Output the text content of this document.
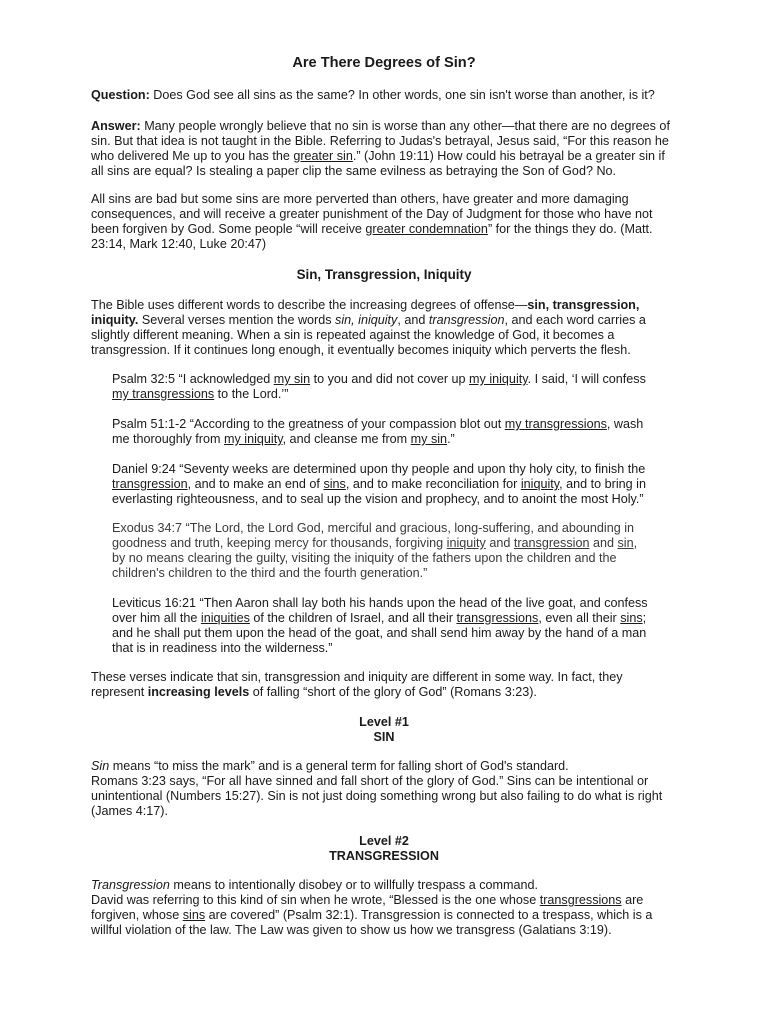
Are There Degrees of Sin?

Question: Does God see all sins as the same? In other words, one sin isn't worse than another, is it?

Answer: Many people wrongly believe that no sin is worse than any other—that there are no degrees of sin. But that idea is not taught in the Bible. Referring to Judas's betrayal, Jesus said, “For this reason he who delivered Me up to you has the greater sin.” (John 19:11) How could his betrayal be a greater sin if all sins are equal? Is stealing a paper clip the same evilness as betraying the Son of God? No.

All sins are bad but some sins are more perverted than others, have greater and more damaging consequences, and will receive a greater punishment of the Day of Judgment for those who have not been forgiven by God. Some people “will receive greater condemnation” for the things they do. (Matt. 23:14, Mark 12:40, Luke 20:47)

Sin, Transgression, Iniquity

The Bible uses different words to describe the increasing degrees of offense—sin, transgression, iniquity. Several verses mention the words sin, iniquity, and transgression, and each word carries a slightly different meaning. When a sin is repeated against the knowledge of God, it becomes a transgression. If it continues long enough, it eventually becomes iniquity which perverts the flesh.

Psalm 32:5 “I acknowledged my sin to you and did not cover up my iniquity. I said, ‘I will confess my transgressions to the Lord.’”

Psalm 51:1-2 “According to the greatness of your compassion blot out my transgressions, wash me thoroughly from my iniquity, and cleanse me from my sin.”

Daniel 9:24 “Seventy weeks are determined upon thy people and upon thy holy city, to finish the transgression, and to make an end of sins, and to make reconciliation for iniquity, and to bring in everlasting righteousness, and to seal up the vision and prophecy, and to anoint the most Holy.”

Exodus 34:7 “The Lord, the Lord God, merciful and gracious, long-suffering, and abounding in goodness and truth, keeping mercy for thousands, forgiving iniquity and transgression and sin, by no means clearing the guilty, visiting the iniquity of the fathers upon the children and the children's children to the third and the fourth generation.”

Leviticus 16:21 “Then Aaron shall lay both his hands upon the head of the live goat, and confess over him all the iniquities of the children of Israel, and all their transgressions, even all their sins; and he shall put them upon the head of the goat, and shall send him away by the hand of a man that is in readiness into the wilderness.”

These verses indicate that sin, transgression and iniquity are different in some way. In fact, they represent increasing levels of falling “short of the glory of God” (Romans 3:23).

Level #1
SIN

Sin means “to miss the mark” and is a general term for falling short of God's standard.
Romans 3:23 says, “For all have sinned and fall short of the glory of God.” Sins can be intentional or unintentional (Numbers 15:27). Sin is not just doing something wrong but also failing to do what is right (James 4:17).

Level #2
TRANSGRESSION

Transgression means to intentionally disobey or to willfully trespass a command.
David was referring to this kind of sin when he wrote, “Blessed is the one whose transgressions are forgiven, whose sins are covered” (Psalm 32:1). Transgression is connected to a trespass, which is a willful violation of the law. The Law was given to show us how we transgress (Galatians 3:19).
